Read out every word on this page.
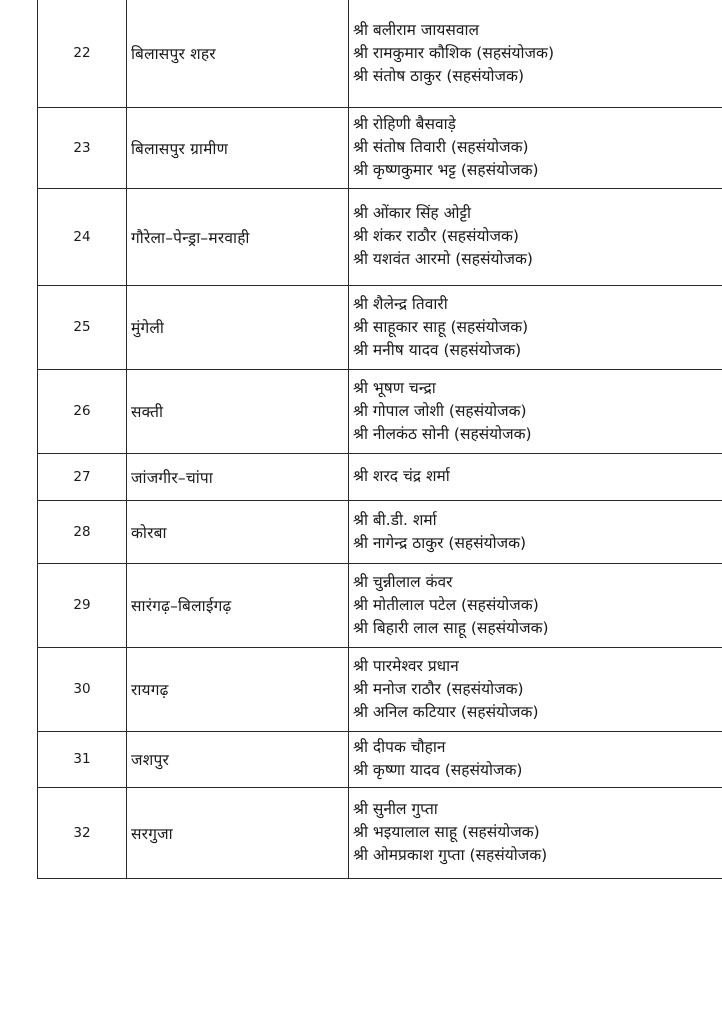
22	बिलासपुर शहर	श्री बलीराम जायसवाल
श्री रामकुमार कौशिक (सहसंयोजक)
श्री संतोष ठाकुर (सहसंयोजक)

23	बिलासपुर ग्रामीण	श्री रोहिणी बैसवाड़े
श्री संतोष तिवारी (सहसंयोजक)
श्री कृष्णकुमार भट्ट (सहसंयोजक)

24	गौरेला–पेन्ड्रा–मरवाही	श्री ओंकार सिंह ओट्टी
श्री शंकर राठौर (सहसंयोजक)
श्री यशवंत आरमो (सहसंयोजक)

25	मुंगेली	श्री शैलेन्द्र तिवारी
श्री साहूकार साहू (सहसंयोजक)
श्री मनीष यादव (सहसंयोजक)

26	सक्ती	श्री भूषण चन्द्रा
श्री गोपाल जोशी (सहसंयोजक)
श्री नीलकंठ सोनी (सहसंयोजक)

27	जांजगीर–चांपा	श्री शरद चंद्र शर्मा

28	कोरबा	श्री बी.डी. शर्मा
श्री नागेन्द्र ठाकुर (सहसंयोजक)

29	सारंगढ़–बिलाईगढ़	श्री चुन्नीलाल कंवर
श्री मोतीलाल पटेल (सहसंयोजक)
श्री बिहारी लाल साहू (सहसंयोजक)

30	रायगढ़	श्री पारमेश्वर प्रधान
श्री मनोज राठौर (सहसंयोजक)
श्री अनिल कटियार (सहसंयोजक)

31	जशपुर	श्री दीपक चौहान
श्री कृष्णा यादव (सहसंयोजक)

32	सरगुजा	श्री सुनील गुप्ता
श्री भइयालाल साहू (सहसंयोजक)
श्री ओमप्रकाश गुप्ता (सहसंयोजक)
